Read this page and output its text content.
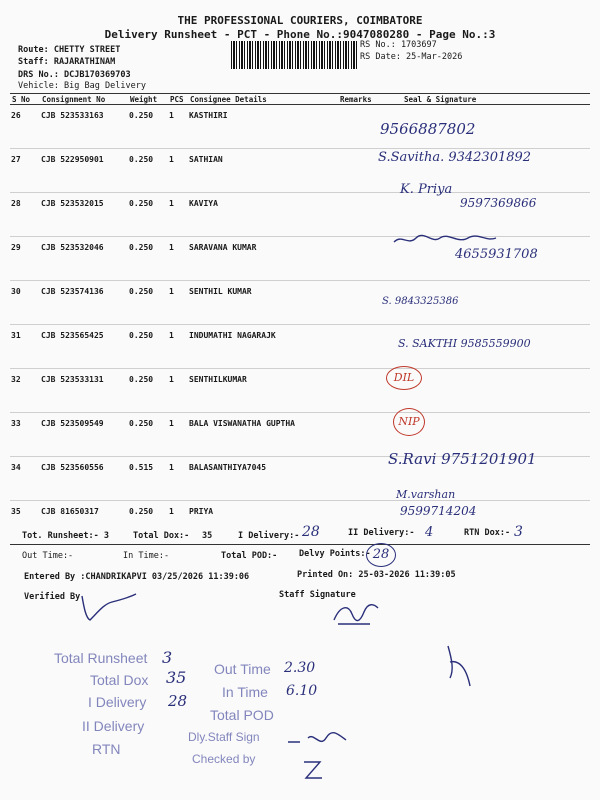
THE PROFESSIONAL COURIERS, COIMBATORE
Delivery Runsheet - PCT - Phone No.:9047080280 - Page No.:3
Route: CHETTY STREET
Staff: RAJARATHINAM
DRS No.: DCJB170369703
Vehicle: Big Bag Delivery
RS No.: 1703697
RS Date: 25-Mar-2026
S No	Consignment No	Weight	PCS	Consignee Details	Remarks	Seal & Signature
26	CJB 523533163	0.250	1	KASTHIRI		
27	CJB 522950901	0.250	1	SATHIAN		
28	CJB 523532015	0.250	1	KAVIYA		
29	CJB 523532046	0.250	1	SARAVANA KUMAR		
30	CJB 523574136	0.250	1	SENTHIL KUMAR		
31	CJB 523565425	0.250	1	INDUMATHI NAGARAJK		
32	CJB 523533131	0.250	1	SENTHILKUMAR		
33	CJB 523509549	0.250	1	BALA VISWANATHA GUPTHA		
34	CJB 523560556	0.515	1	BALASANTHIYA7045		
35	CJB 81650317	0.250	1	PRIYA		
9566887802
S.Savitha. 9342301892
K. Priya
9597369866
4655931708
S. 9843325386
S. SAKTHI 9585559900
DIL
NIP
S.Ravi 9751201901
M.varshan
9599714204
Tot. Runsheet:- 3	Total Dox:- 35	I Delivery:- 28	II Delivery:- 4	RTN Dox:- 3
Out Time:-	In Time:-	Total POD:-	Delvy Points:- 28
Entered By :CHANDRIKAPVI 03/25/2026 11:39:06	Printed On: 25-03-2026 11:39:05
Verified By	Staff Signature
Total Runsheet 3
Total Dox 35
I Delivery 28
II Delivery
RTN
Out Time 2.30
In Time 6.10
Total POD
Dly.Staff Sign
Checked by
